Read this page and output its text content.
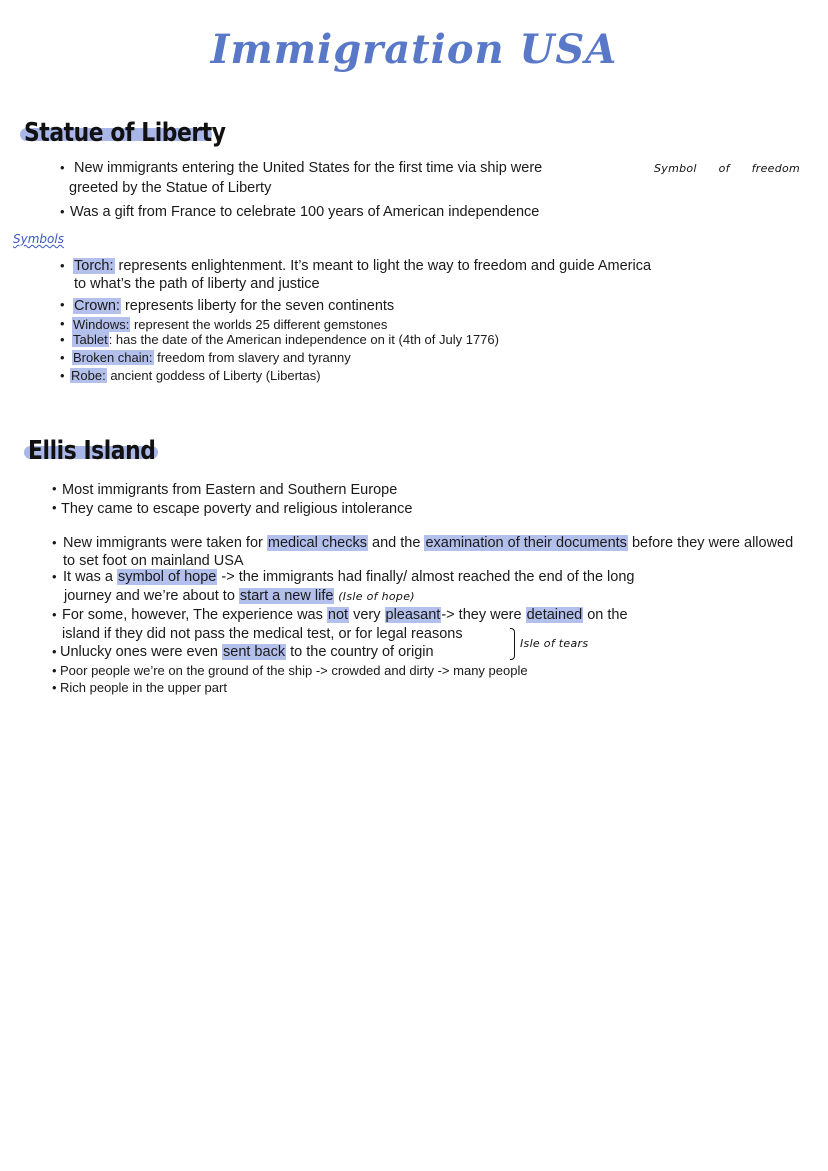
Immigration USA
Statue of Liberty
• New immigrants entering the United States for the first time via ship were
greeted by the Statue of Liberty
Symbol of freedom
• Was a gift from France to celebrate 100 years of American independence
Symbols
• Torch: represents enlightenment. It’s meant to light the way to freedom and guide America
to what’s the path of liberty and justice
• Crown: represents liberty for the seven continents
• Windows: represent the worlds 25 different gemstones
• Tablet: has the date of the American independence on it (4th of July 1776)
• Broken chain: freedom from slavery and tyranny
• Robe: ancient goddess of Liberty (Libertas)
Ellis Island
• Most immigrants from Eastern and Southern Europe
• They came to escape poverty and religious intolerance
• New immigrants were taken for medical checks and the examination of their documents before they were allowed
to set foot on mainland USA
• It was a symbol of hope -> the immigrants had finally/ almost reached the end of the long
journey and we’re about to start a new life (Isle of hope)
• For some, however, The experience was not very pleasant-> they were detained on the
island if they did not pass the medical test, or for legal reasons
• Unlucky ones were even sent back to the country of origin
Isle of tears
• Poor people we’re on the ground of the ship -> crowded and dirty -> many people
• Rich people in the upper part
